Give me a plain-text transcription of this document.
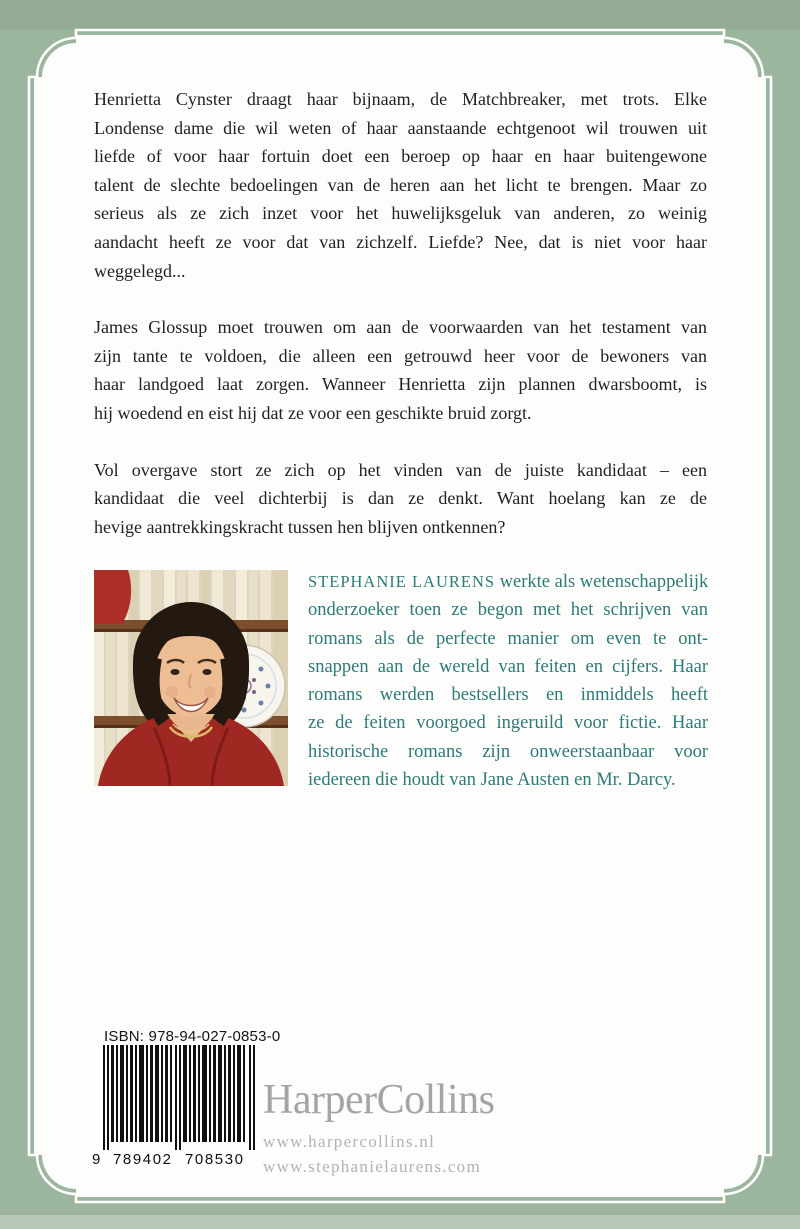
Henrietta Cynster draagt haar bijnaam, de Matchbreaker, met trots. Elke
Londense dame die wil weten of haar aanstaande echtgenoot wil trouwen uit
liefde of voor haar fortuin doet een beroep op haar en haar buitengewone
talent de slechte bedoelingen van de heren aan het licht te brengen. Maar zo
serieus als ze zich inzet voor het huwelijksgeluk van anderen, zo weinig
aandacht heeft ze voor dat van zichzelf. Liefde? Nee, dat is niet voor haar
weggelegd...
James Glossup moet trouwen om aan de voorwaarden van het testament van
zijn tante te voldoen, die alleen een getrouwd heer voor de bewoners van
haar landgoed laat zorgen. Wanneer Henrietta zijn plannen dwarsboomt, is
hij woedend en eist hij dat ze voor een geschikte bruid zorgt.
Vol overgave stort ze zich op het vinden van de juiste kandidaat – een
kandidaat die veel dichterbij is dan ze denkt. Want hoelang kan ze de
hevige aantrekkingskracht tussen hen blijven ontkennen?
STEPHANIE LAURENS werkte als wetenschappelijk
onderzoeker toen ze begon met het schrijven van
romans als de perfecte manier om even te ont-
snappen aan de wereld van feiten en cijfers. Haar
romans werden bestsellers en inmiddels heeft
ze de feiten voorgoed ingeruild voor fictie. Haar
historische romans zijn onweerstaanbaar voor
iedereen die houdt van Jane Austen en Mr. Darcy.
ISBN: 978-94-027-0853-0
9 789402 708530
HarperCollins
www.harpercollins.nl
www.stephanielaurens.com
